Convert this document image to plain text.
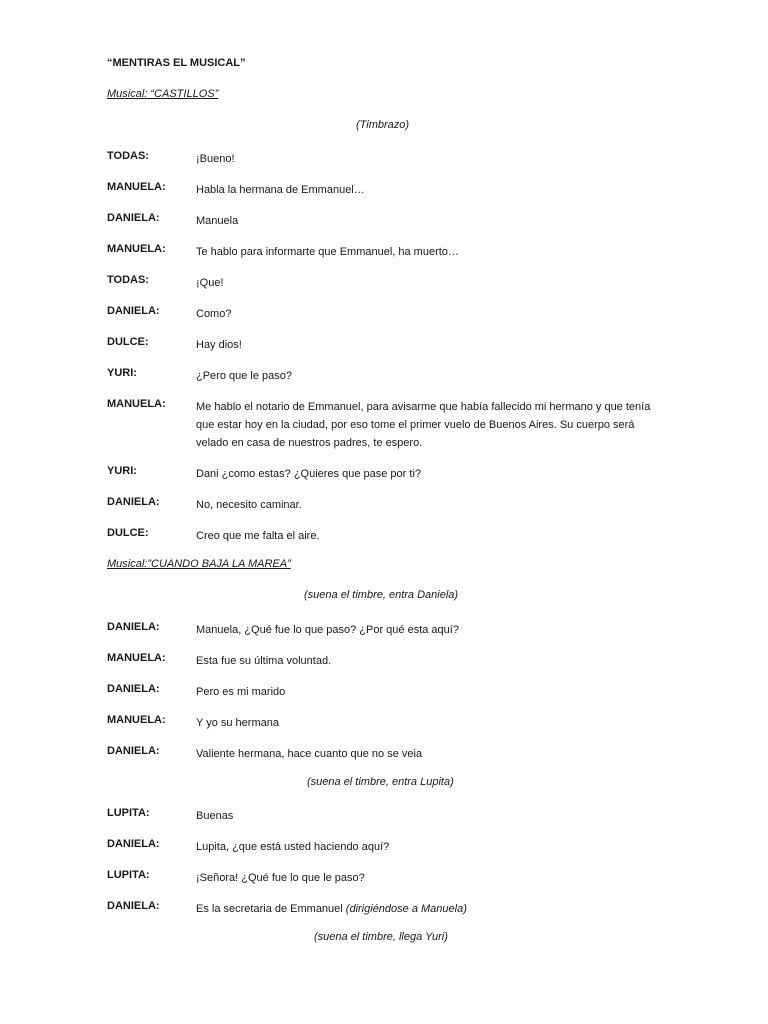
“MENTIRAS EL MUSICAL”
Musical: “CASTILLOS”
(Timbrazo)
TODAS:	¡Bueno!
MANUELA:	Habla la hermana de Emmanuel…
DANIELA:	Manuela
MANUELA:	Te hablo para informarte que Emmanuel, ha muerto…
TODAS:	¡Que!
DANIELA:	Como?
DULCE:	Hay dios!
YURI:	¿Pero que le paso?
MANUELA:	Me hablo el notario de Emmanuel, para avisarme que había fallecido mi hermano y que tenía que estar hoy en la ciudad, por eso tome el primer vuelo de Buenos Aires. Su cuerpo será velado en casa de nuestros padres, te espero.
YURI:	Dani ¿como estas? ¿Quieres que pase por ti?
DANIELA:	No, necesito caminar.
DULCE:	Creo que me falta el aire.
Musical:”CUANDO BAJA LA MAREA”
(suena el timbre, entra Daniela)
DANIELA:	Manuela, ¿Qué fue lo que paso? ¿Por qué esta aquí?
MANUELA:	Esta fue su última voluntad.
DANIELA:	Pero es mi marido
MANUELA:	Y yo su hermana
DANIELA:	Valiente hermana, hace cuanto que no se veia
(suena el timbre, entra Lupita)
LUPITA:	Buenas
DANIELA:	Lupita, ¿que está usted haciendo aquí?
LUPITA:	¡Señora! ¿Qué fue lo que le paso?
DANIELA:	Es la secretaria de Emmanuel (dirigiéndose a Manuela)
(suena el timbre, llega Yuri)
